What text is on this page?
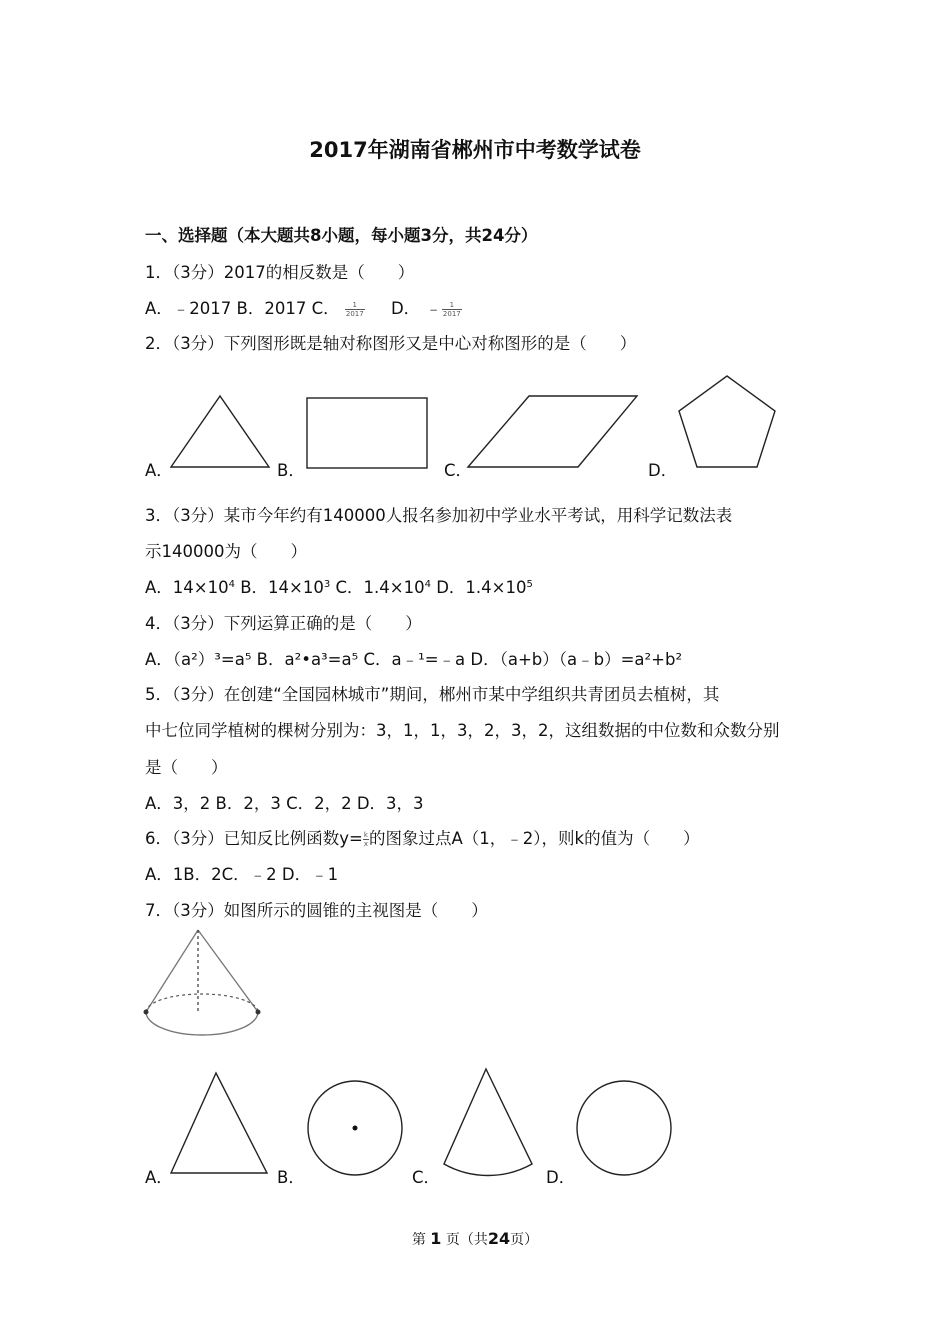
2017年湖南省郴州市中考数学试卷
一、选择题（本大题共8小题，每小题3分，共24分）
1．（3分）2017的相反数是（　　）
A．﹣2017 B．2017 C． $\frac{1}{2017}$ D． ﹣ $\frac{1}{2017}$
2．（3分）下列图形既是轴对称图形又是中心对称图形的是（　　）
A．	B．	C．	D．
3．（3分）某市今年约有140000人报名参加初中学业水平考试，用科学记数法表
示140000为（　　）
A．$14\times 10^4$ B．$14\times 10^3$ C．$1.4\times 10^4$ D．$1.4\times 10^5$
4．（3分）下列运算正确的是（　　）
A．（a²）³=a⁵ B．a²•a³=a⁵ C．a﹣¹=﹣a D．（a+b）（a﹣b）=a²+b²
5．（3分）在创建“全国园林城市”期间，郴州市某中学组织共青团员去植树，其
中七位同学植树的棵树分别为：3，1，1，3，2，3，2，这组数据的中位数和众数分别
是（　　）
A．3，2 B．2，3 C．2，2 D．3，3
6．（3分）已知反比例函数$y= \frac{k}{x}$ 的图象过点A（1，﹣2），则k的值为（　　）
A．1B．2C．﹣2 D．﹣1
7．（3分）如图所示的圆锥的主视图是（　　）
A．	B．	C．	D．
第 1 页（共24页）
